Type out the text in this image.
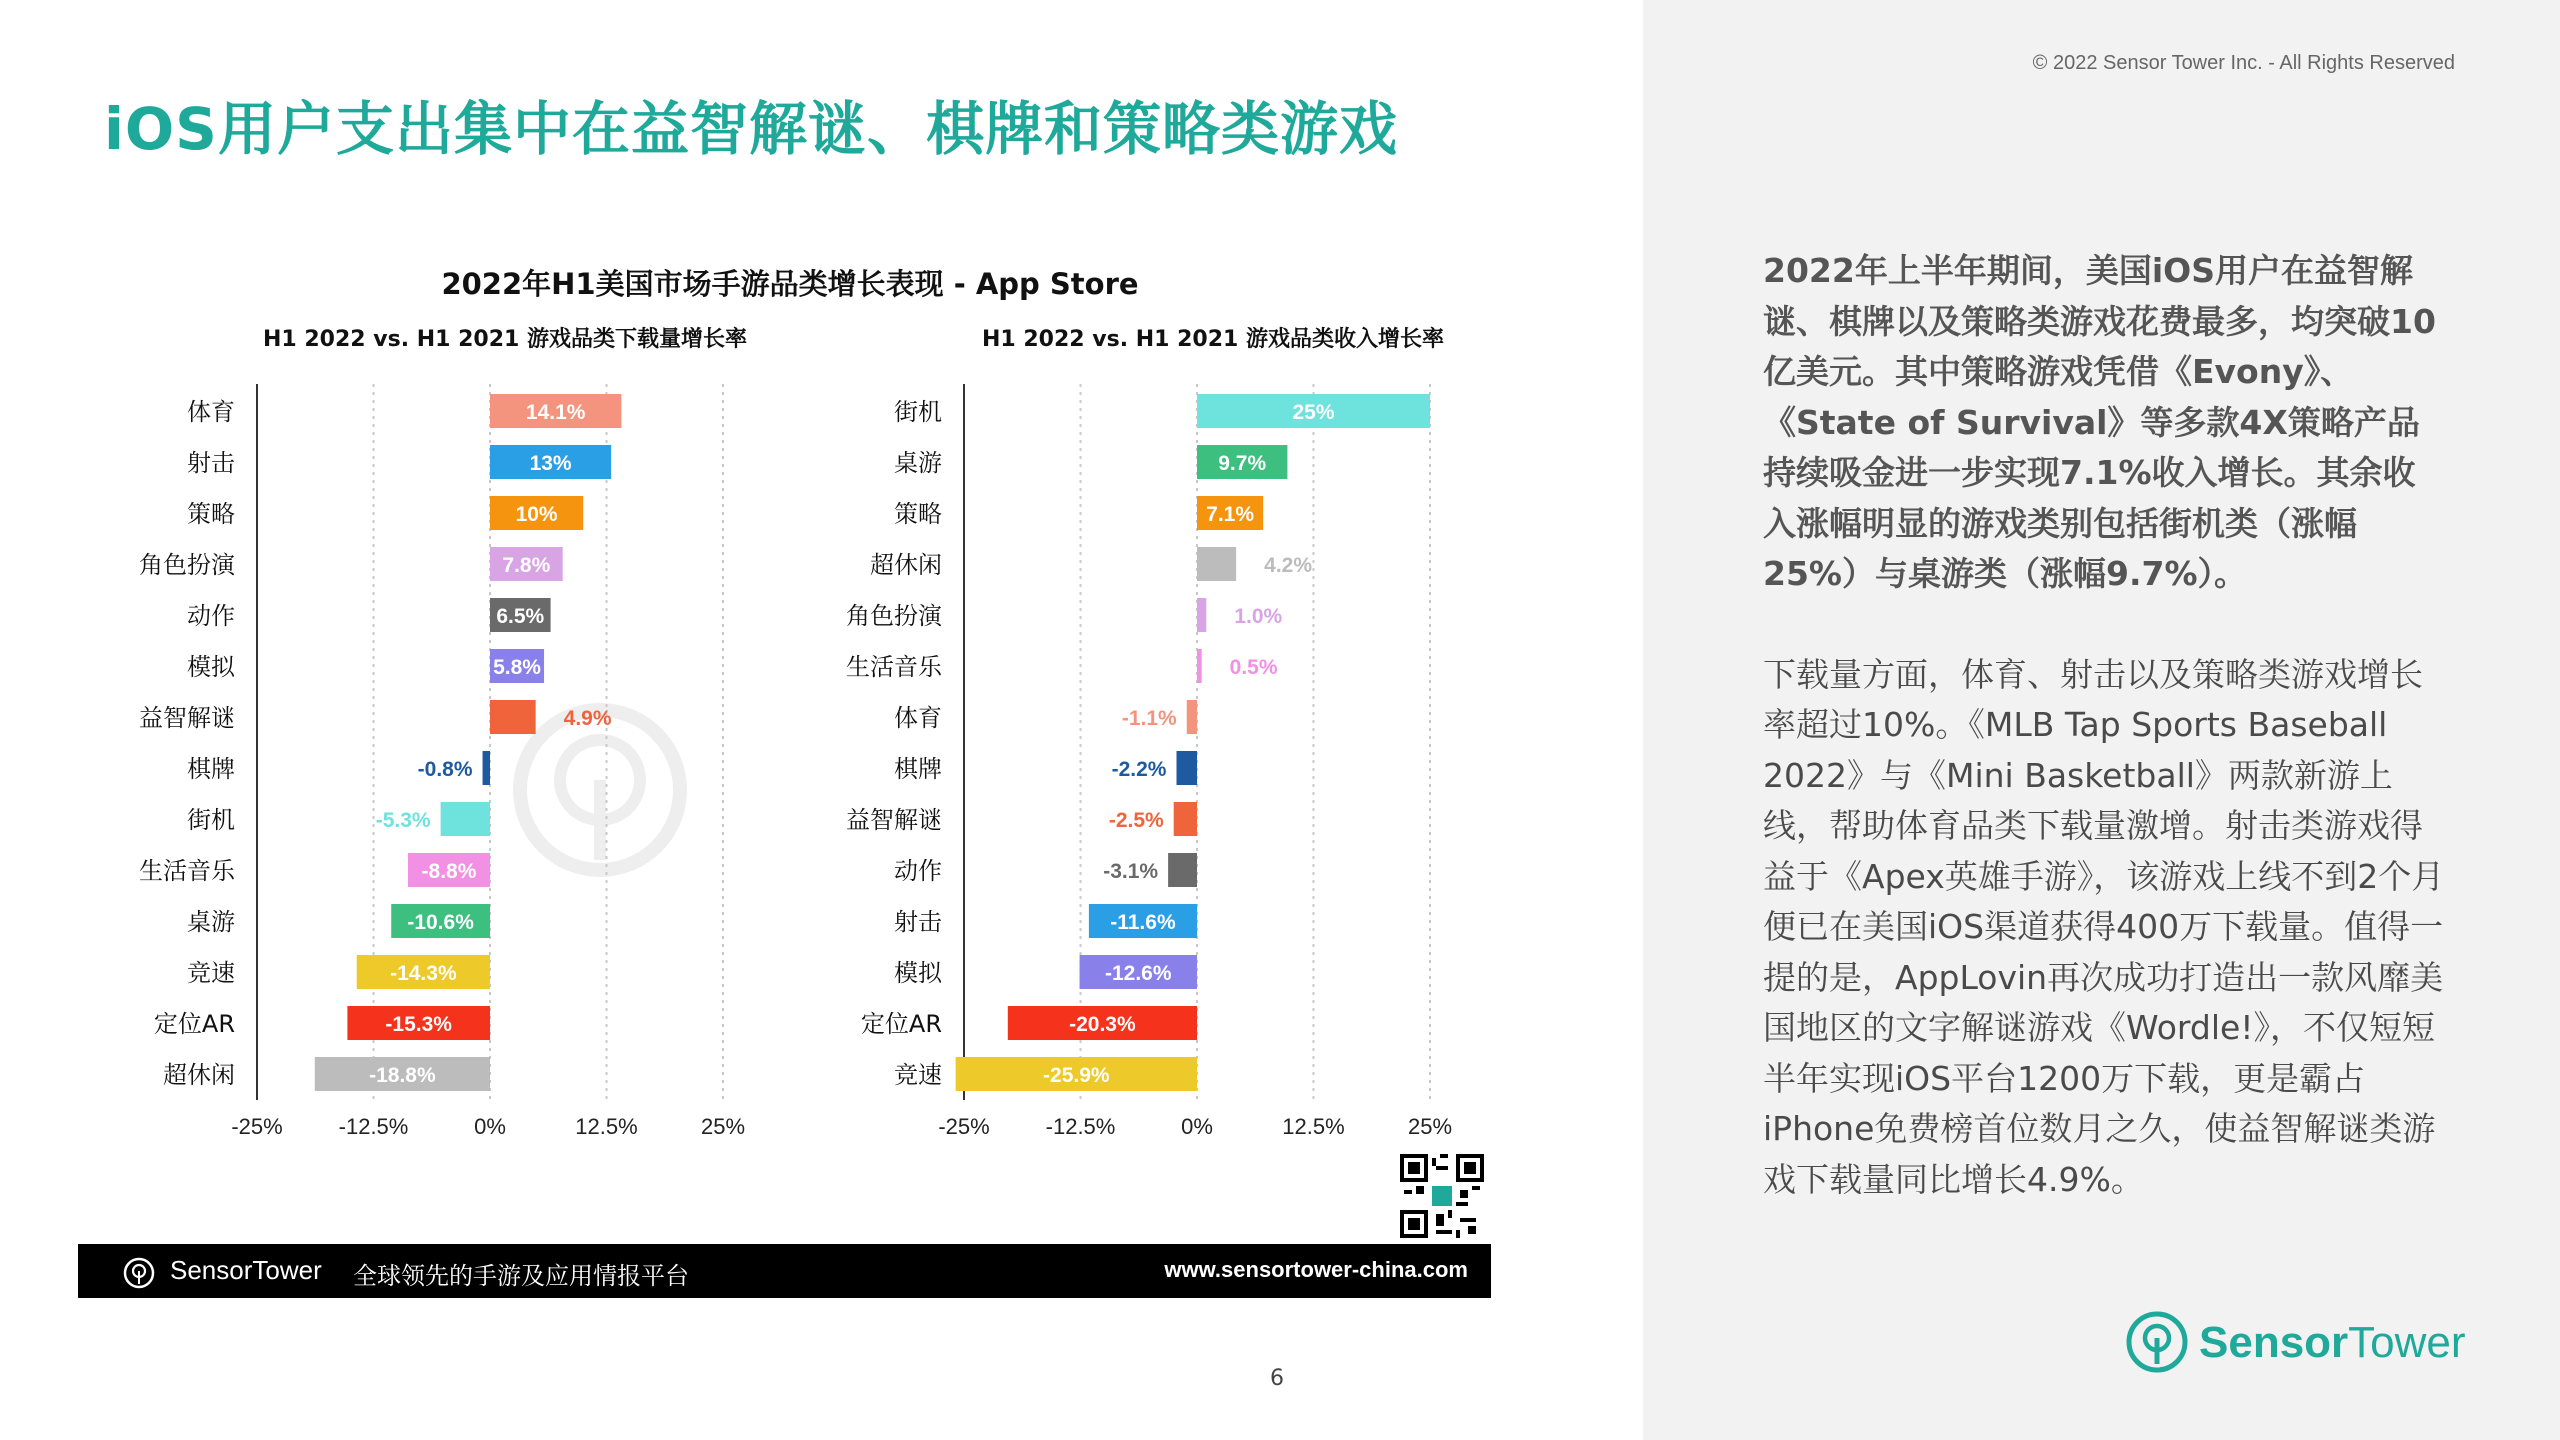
© 2022 Sensor Tower Inc. - All Rights Reserved
iOS用户支出集中在益智解谜、棋牌和策略类游戏

2022年上半年期间，美国iOS用户在益智解谜、棋牌以及策略类游戏花费最多，均突破10亿美元。其中策略游戏凭借《Evony》、《State of Survival》等多款4X策略产品持续吸金进一步实现7.1%收入增长。其余收入涨幅明显的游戏类别包括街机类（涨幅25%）与桌游类（涨幅9.7%）。

下载量方面，体育、射击以及策略类游戏增长率超过10%。《MLB Tap Sports Baseball 2022》与《Mini Basketball》两款新游上线，帮助体育品类下载量激增。射击类游戏得益于《Apex英雄手游》，该游戏上线不到2个月便已在美国iOS渠道获得400万下载量。值得一提的是，AppLovin再次成功打造出一款风靡美国地区的文字解谜游戏《Wordle!》，不仅短短半年实现iOS平台1200万下载，更是霸占iPhone免费榜首位数月之久，使益智解谜类游戏下载量同比增长4.9%。

2022年H1美国市场手游品类增长表现 - App Store
H1 2022 vs. H1 2021 游戏品类下载量增长率	H1 2022 vs. H1 2021 游戏品类收入增长率
-25%	-12.5%	0%	12.5%	25%
体育	14.1%
射击	13%
策略	10%
角色扮演	7.8%
动作	6.5%
模拟	5.8%
益智解谜	4.9%
棋牌	-0.8%
街机	-5.3%
生活音乐	-8.8%
桌游	-10.6%
竞速	-14.3%
定位AR	-15.3%
超休闲	-18.8%
-25%	-12.5%	0%	12.5%	25%
街机	25%
桌游	9.7%
策略	7.1%
超休闲	4.2%
角色扮演	1.0%
生活音乐	0.5%
体育	-1.1%
棋牌	-2.2%
益智解谜	-2.5%
动作	-3.1%
射击	-11.6%
模拟	-12.6%
定位AR	-20.3%
竞速	-25.9%
SensorTower 全球领先的手游及应用情报平台	www.sensortower-china.com
6
SensorTower
